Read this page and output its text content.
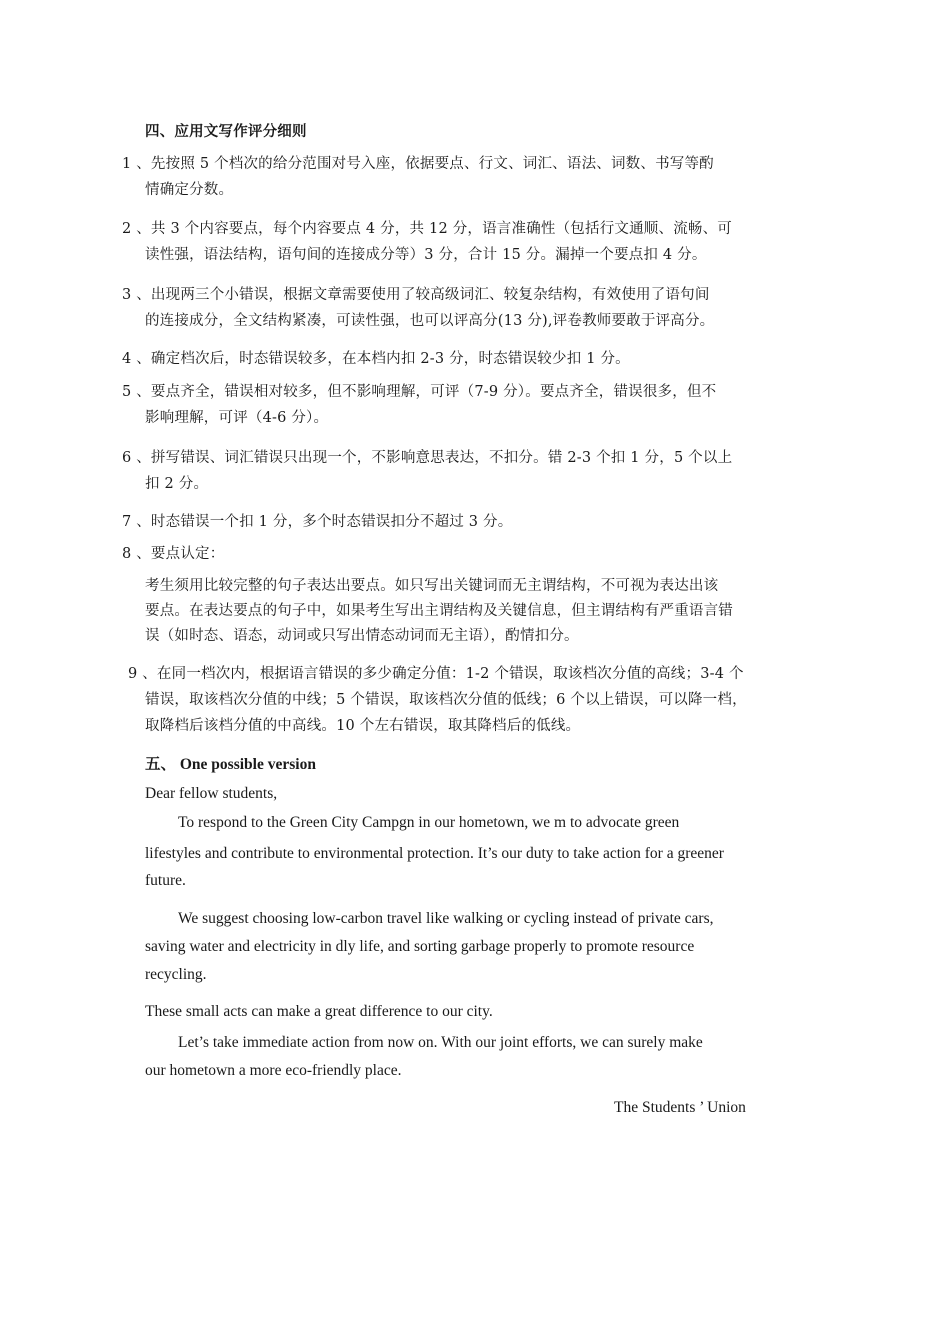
四、应用文写作评分细则
1 、先按照 5 个档次的给分范围对号入座，依据要点、行文、词汇、语法、词数、书写等酌
情确定分数。
2 、共 3 个内容要点，每个内容要点 4 分，共 12 分，语言准确性（包括行文通顺、流畅、可
读性强，语法结构，语句间的连接成分等）3 分，合计 15 分。漏掉一个要点扣 4 分。
3 、出现两三个小错误，根据文章需要使用了较高级词汇、较复杂结构，有效使用了语句间
的连接成分，全文结构紧凑，可读性强，也可以评高分(13 分),评卷教师要敢于评高分。
4 、确定档次后，时态错误较多，在本档内扣 2-3 分，时态错误较少扣 1 分。
5 、要点齐全，错误相对较多，但不影响理解，可评（7-9 分）。要点齐全，错误很多，但不
影响理解，可评（4-6 分）。
6 、拼写错误、词汇错误只出现一个，不影响意思表达，不扣分。错 2-3 个扣 1 分，5 个以上
扣 2 分。
7 、时态错误一个扣 1 分，多个时态错误扣分不超过 3 分。
8 、要点认定：
考生须用比较完整的句子表达出要点。如只写出关键词而无主谓结构，不可视为表达出该
要点。在表达要点的句子中，如果考生写出主谓结构及关键信息，但主谓结构有严重语言错
误（如时态、语态，动词或只写出情态动词而无主语），酌情扣分。
9 、在同一档次内，根据语言错误的多少确定分值：1-2 个错误，取该档次分值的高线；3-4 个
错误，取该档次分值的中线；5 个错误，取该档次分值的低线；6 个以上错误，可以降一档，
取降档后该档分值的中高线。10 个左右错误，取其降档后的低线。
五、 One possible version
Dear fellow students,
To respond to the Green City Campgn in our hometown, we m to advocate green
lifestyles and contribute to environmental protection. It’s our duty to take action for a greener
future.
We suggest choosing low-carbon travel like walking or cycling instead of private cars,
saving water and electricity in dly life, and sorting garbage properly to promote resource
recycling.
These small acts can make a great difference to our city.
Let’s take immediate action from now on. With our joint efforts, we can surely make
our hometown a more eco-friendly place.
The Students ’ Union
